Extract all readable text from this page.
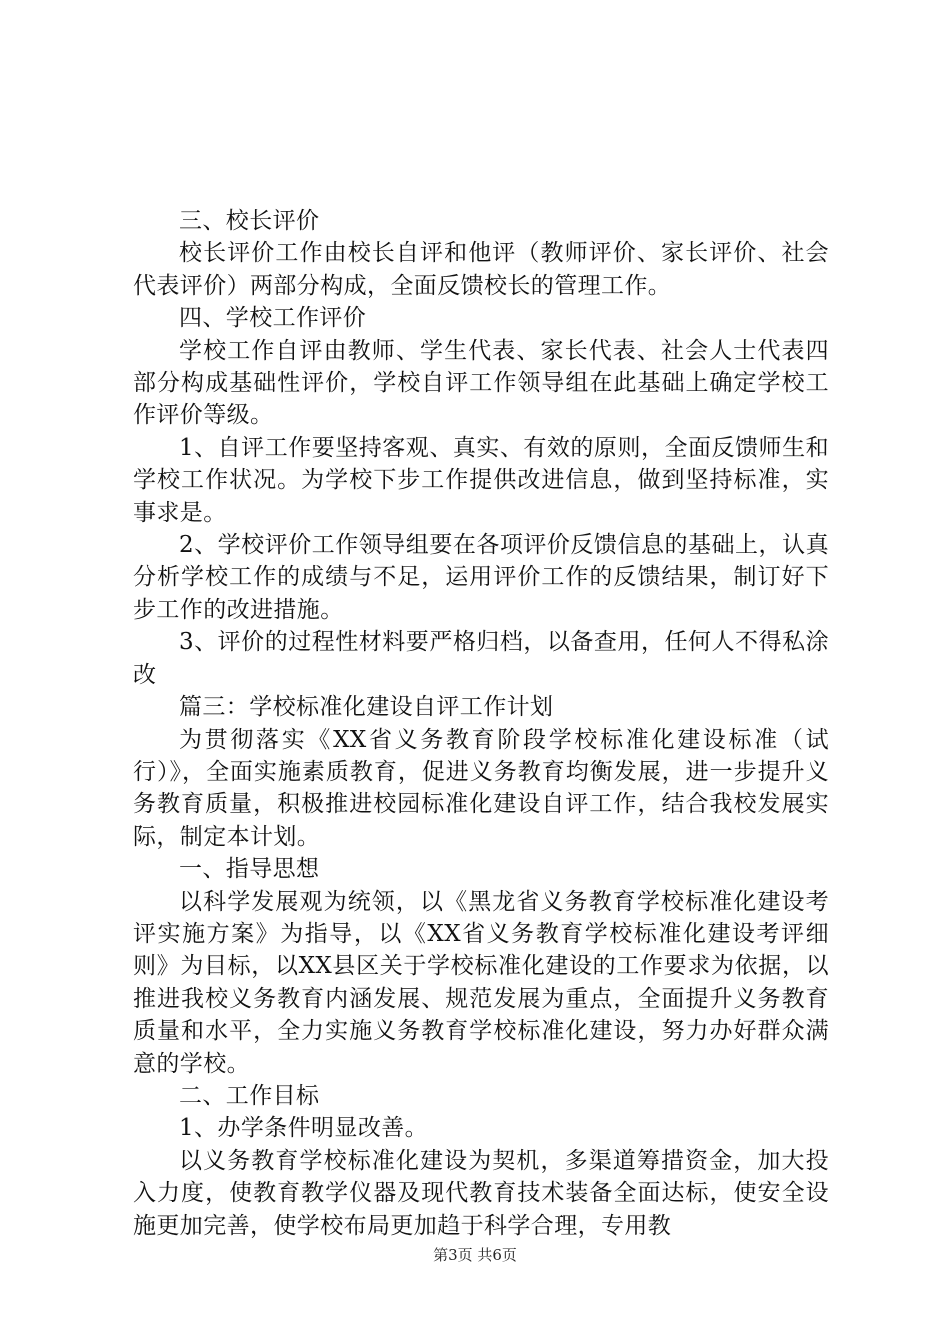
三、校长评价

校长评价工作由校长自评和他评（教师评价、家长评价、社会代表评价）两部分构成，全面反馈校长的管理工作。

四、学校工作评价

学校工作自评由教师、学生代表、家长代表、社会人士代表四部分构成基础性评价，学校自评工作领导组在此基础上确定学校工作评价等级。

1、自评工作要坚持客观、真实、有效的原则，全面反馈师生和学校工作状况。为学校下步工作提供改进信息，做到坚持标准，实事求是。

2、学校评价工作领导组要在各项评价反馈信息的基础上，认真分析学校工作的成绩与不足，运用评价工作的反馈结果，制订好下步工作的改进措施。

3、评价的过程性材料要严格归档，以备查用，任何人不得私涂改

篇三：学校标准化建设自评工作计划

为贯彻落实《XX省义务教育阶段学校标准化建设标准（试行）》，全面实施素质教育，促进义务教育均衡发展，进一步提升义务教育质量，积极推进校园标准化建设自评工作，结合我校发展实际，制定本计划。

一、指导思想

以科学发展观为统领，以《黑龙省义务教育学校标准化建设考评实施方案》为指导，以《XX省义务教育学校标准化建设考评细则》为目标，以XX县区关于学校标准化建设的工作要求为依据，以推进我校义务教育内涵发展、规范发展为重点，全面提升义务教育质量和水平，全力实施义务教育学校标准化建设，努力办好群众满意的学校。

二、工作目标

1、办学条件明显改善。

以义务教育学校标准化建设为契机，多渠道筹措资金，加大投入力度，使教育教学仪器及现代教育技术装备全面达标，使安全设施更加完善，使学校布局更加趋于科学合理，专用教

第3页 共6页
